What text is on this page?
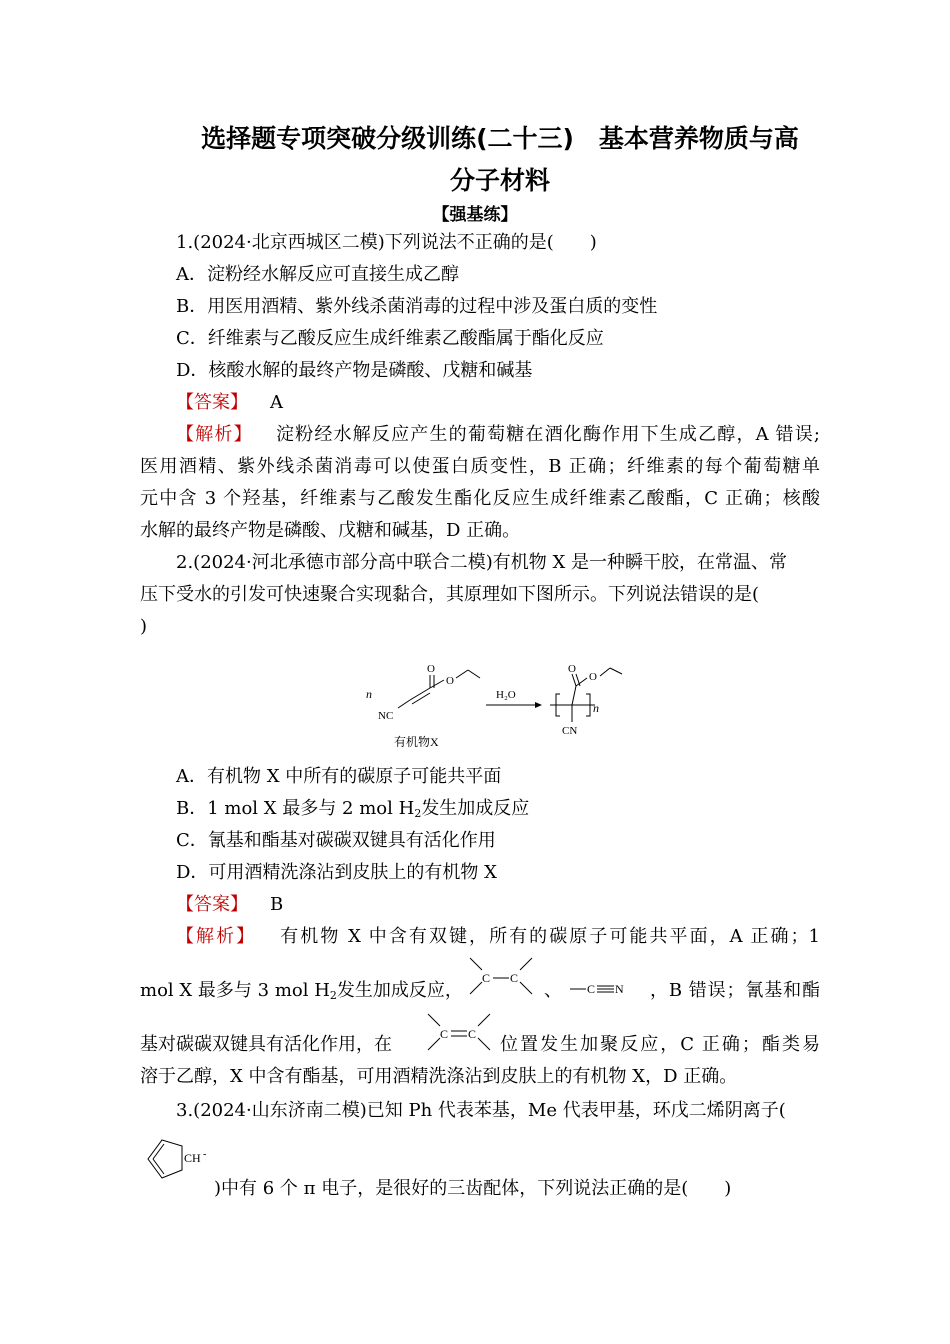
选择题专项突破分级训练(二十三)　基本营养物质与高
分子材料
【强基练】
1.(2024·北京西城区二模)下列说法不正确的是(　　)
A．淀粉经水解反应可直接生成乙醇
B．用医用酒精、紫外线杀菌消毒的过程中涉及蛋白质的变性
C．纤维素与乙酸反应生成纤维素乙酸酯属于酯化反应
D．核酸水解的最终产物是磷酸、戊糖和碱基
【答案】 A
【解析】 淀粉经水解反应产生的葡萄糖在酒化酶作用下生成乙醇，A 错误;
医用酒精、紫外线杀菌消毒可以使蛋白质变性，B 正确；纤维素的每个葡萄糖单
元中含 3 个羟基，纤维素与乙酸发生酯化反应生成纤维素乙酸酯，C 正确；核酸
水解的最终产物是磷酸、戊糖和碱基，D 正确。
2.(2024·河北承德市部分高中联合二模)有机物 X 是一种瞬干胶，在常温、常
压下受水的引发可快速聚合实现黏合，其原理如下图所示。下列说法错误的是(
)
n
O
O
NC
H₂O
O
O
n
CN
有机物X
A．有机物 X 中所有的碳原子可能共平面
B．1 mol X 最多与 2 mol $H_2$发生加成反应
C．氰基和酯基对碳碳双键具有活化作用
D．可用酒精洗涤沾到皮肤上的有机物 X
【答案】 B
【解析】 有机物 X 中含有双键，所有的碳原子可能共平面，A 正确；1
mol X 最多与 3 mol $H_2$发生加成反应，
C C
、 C N ，B 错误；氰基和酯
基对碳碳双键具有活化作用，在	C C 位置发生加聚反应，C 正确；酯类易
溶于乙醇，X 中含有酯基，可用酒精洗涤沾到皮肤上的有机物 X，D 正确。
3.(2024·山东济南二模)已知 Ph 代表苯基，Me 代表甲基，环戊二烯阴离子(
CH -
)中有 6 个 π 电子，是很好的三齿配体，下列说法正确的是(　　)
